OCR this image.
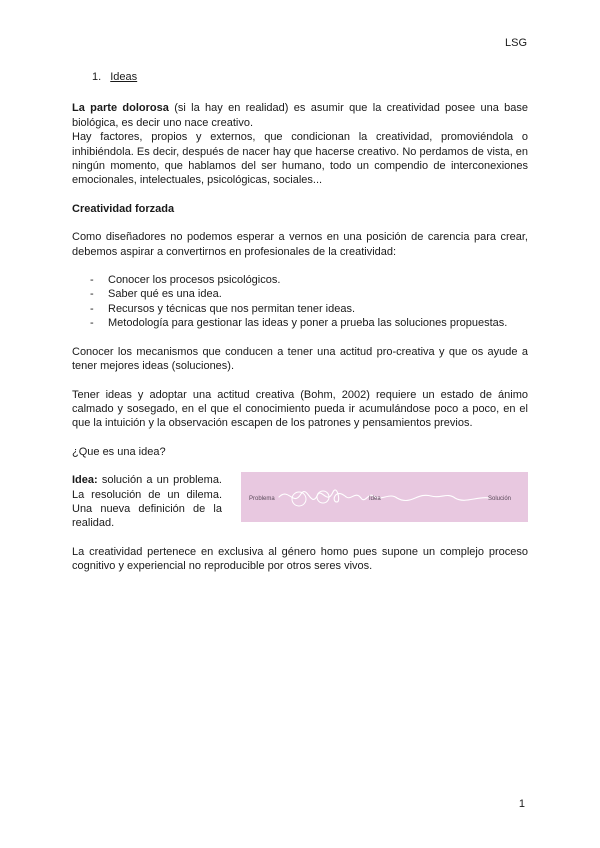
LSG
1. Ideas

La parte dolorosa (si la hay en realidad) es asumir que la creatividad posee una base biológica, es decir uno nace creativo.

Hay factores, propios y externos, que condicionan la creatividad, promoviéndola o inhibiéndola. Es decir, después de nacer hay que hacerse creativo. No perdamos de vista, en ningún momento, que hablamos del ser humano, todo un compendio de interconexiones emocionales, intelectuales, psicológicas, sociales...

Creatividad forzada

Como diseñadores no podemos esperar a vernos en una posición de carencia para crear, debemos aspirar a convertirnos en profesionales de la creatividad:

- Conocer los procesos psicológicos.
- Saber qué es una idea.
- Recursos y técnicas que nos permitan tener ideas.
- Metodología para gestionar las ideas y poner a prueba las soluciones propuestas.

Conocer los mecanismos que conducen a tener una actitud pro-creativa y que os ayude a tener mejores ideas (soluciones).

Tener ideas y adoptar una actitud creativa (Bohm, 2002) requiere un estado de ánimo calmado y sosegado, en el que el conocimiento pueda ir acumulándose poco a poco, en el que la intuición y la observación escapen de los patrones y pensamientos previos.

¿Que es una idea?

Idea: solución a un problema. La resolución de un dilema. Una nueva definición de la realidad.

Problema	Idea	Solución

La creatividad pertenece en exclusiva al género homo pues supone un complejo proceso cognitivo y experiencial no reproducible por otros seres vivos.

1
